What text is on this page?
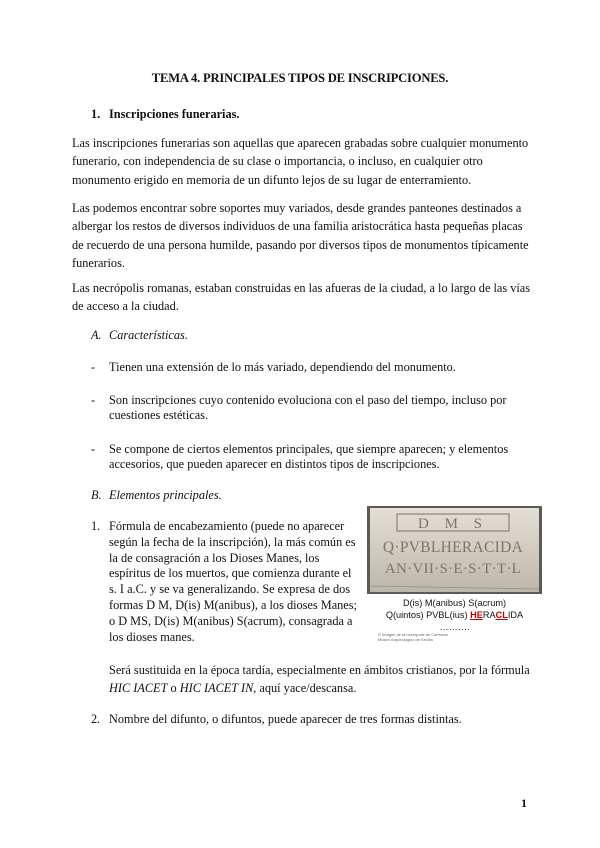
TEMA 4. PRINCIPALES TIPOS DE INSCRIPCIONES.
1. Inscripciones funerarias.
Las inscripciones funerarias son aquellas que aparecen grabadas sobre cualquier monumento
funerario, con independencia de su clase o importancia, o incluso, en cualquier otro
monumento erigido en memoria de un difunto lejos de su lugar de enterramiento.
Las podemos encontrar sobre soportes muy variados, desde grandes panteones destinados a
albergar los restos de diversos individuos de una familia aristocrática hasta pequeñas placas
de recuerdo de una persona humilde, pasando por diversos tipos de monumentos típicamente
funerarios.
Las necrópolis romanas, estaban construidas en las afueras de la ciudad, a lo largo de las vías
de acceso a la ciudad.
A. Características.
- Tienen una extensión de lo más variado, dependiendo del monumento.
- Son inscripciones cuyo contenido evoluciona con el paso del tiempo, incluso por
cuestiones estéticas.
- Se compone de ciertos elementos principales, que siempre aparecen; y elementos
accesorios, que pueden aparecer en distintos tipos de inscripciones.
B. Elementos principales.
1. Fórmula de encabezamiento (puede no aparecer
según la fecha de la inscripción), la más común es
la de consagración a los Dioses Manes, los
espíritus de los muertos, que comienza durante el
s. I a.C. y se va generalizando. Se expresa de dos
formas D M, D(is) M(anibus), a los dioses Manes;
o D MS, D(is) M(anibus) S(acrum), consagrada a
los dioses manes.
D M S
Q·PVBLHERACIDA
AN·VII·S·E·S·T·T·L
D(is) M(anibus) S(acrum)
Q(uintos) PVBL(ius) HERACLIDA
……….
© Imagen de la necrópolis de Carmona
Museo Arqueológico de Sevilla
Será sustituida en la época tardía, especialmente en ámbitos cristianos, por la fórmula
HIC IACET o HIC IACET IN, aquí yace/descansa.
2. Nombre del difunto, o difuntos, puede aparecer de tres formas distintas.
1
